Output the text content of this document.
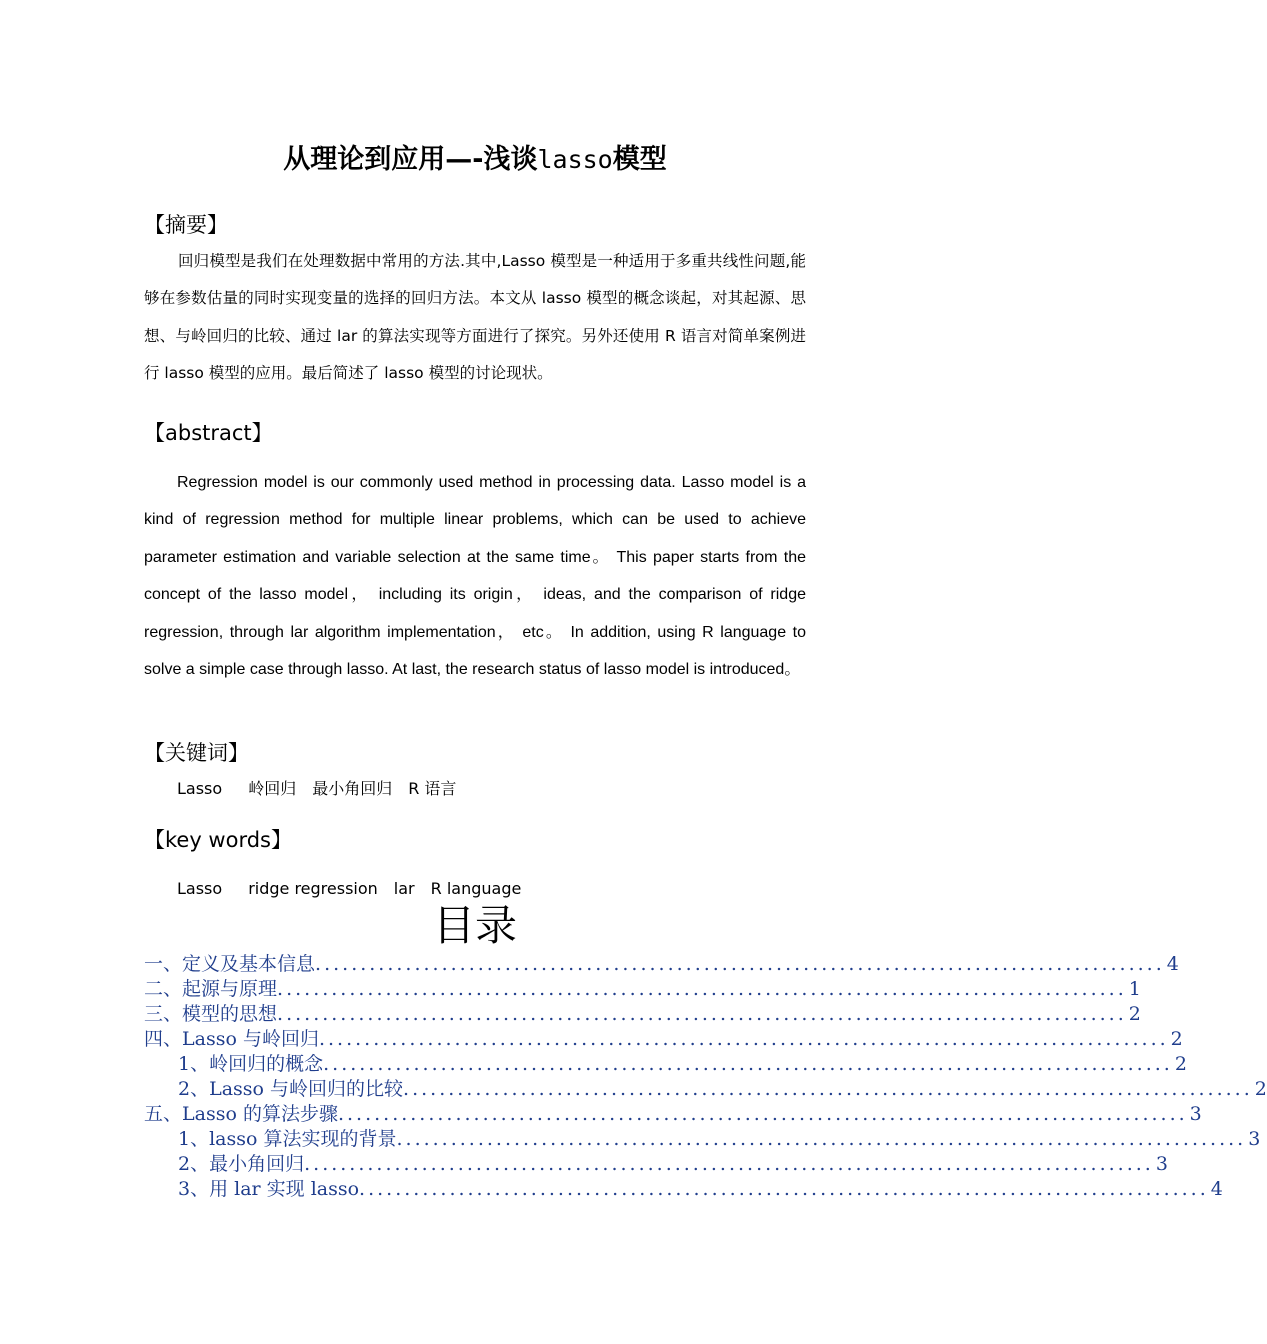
从理论到应用—-浅谈lasso模型
【摘要】
回归模型是我们在处理数据中常用的方法.其中,Lasso 模型是一种适用于多重共线性问题,能够在参数估量的同时实现变量的选择的回归方法。本文从 lasso 模型的概念谈起，对其起源、思想、与岭回归的比较、通过 lar 的算法实现等方面进行了探究。另外还使用 R 语言对简单案例进行 lasso 模型的应用。最后简述了 lasso 模型的讨论现状。
【abstract】
Regression model is our commonly used method in processing data. Lasso model is a kind of regression method for multiple linear problems, which can be used to achieve parameter estimation and variable selection at the same time。 This paper starts from the concept of the lasso model， including its origin， ideas, and the comparison of ridge regression, through lar algorithm implementation， etc。 In addition, using R language to solve a simple case through lasso. At last, the research status of lasso model is introduced。
【关键词】
Lasso 岭回归 最小角回归 R 语言
【key words】
Lasso ridge regression lar R language
目录
一、 定义及基本信息 .............................................................................................. 4
二、 起源与原理 .............................................................................................. 1
三、 模型的思想 .............................................................................................. 2
四、 Lasso 与岭回归 .............................................................................................. 2
1、 岭回归的概念 .............................................................................................. 2
2、 Lasso 与岭回归的比较 .............................................................................................. 2
五、 Lasso 的算法步骤 .............................................................................................. 3
1、 lasso 算法实现的背景 .............................................................................................. 3
2、 最小角回归 .............................................................................................. 3
3、 用 lar 实现 lasso .............................................................................................. 4
